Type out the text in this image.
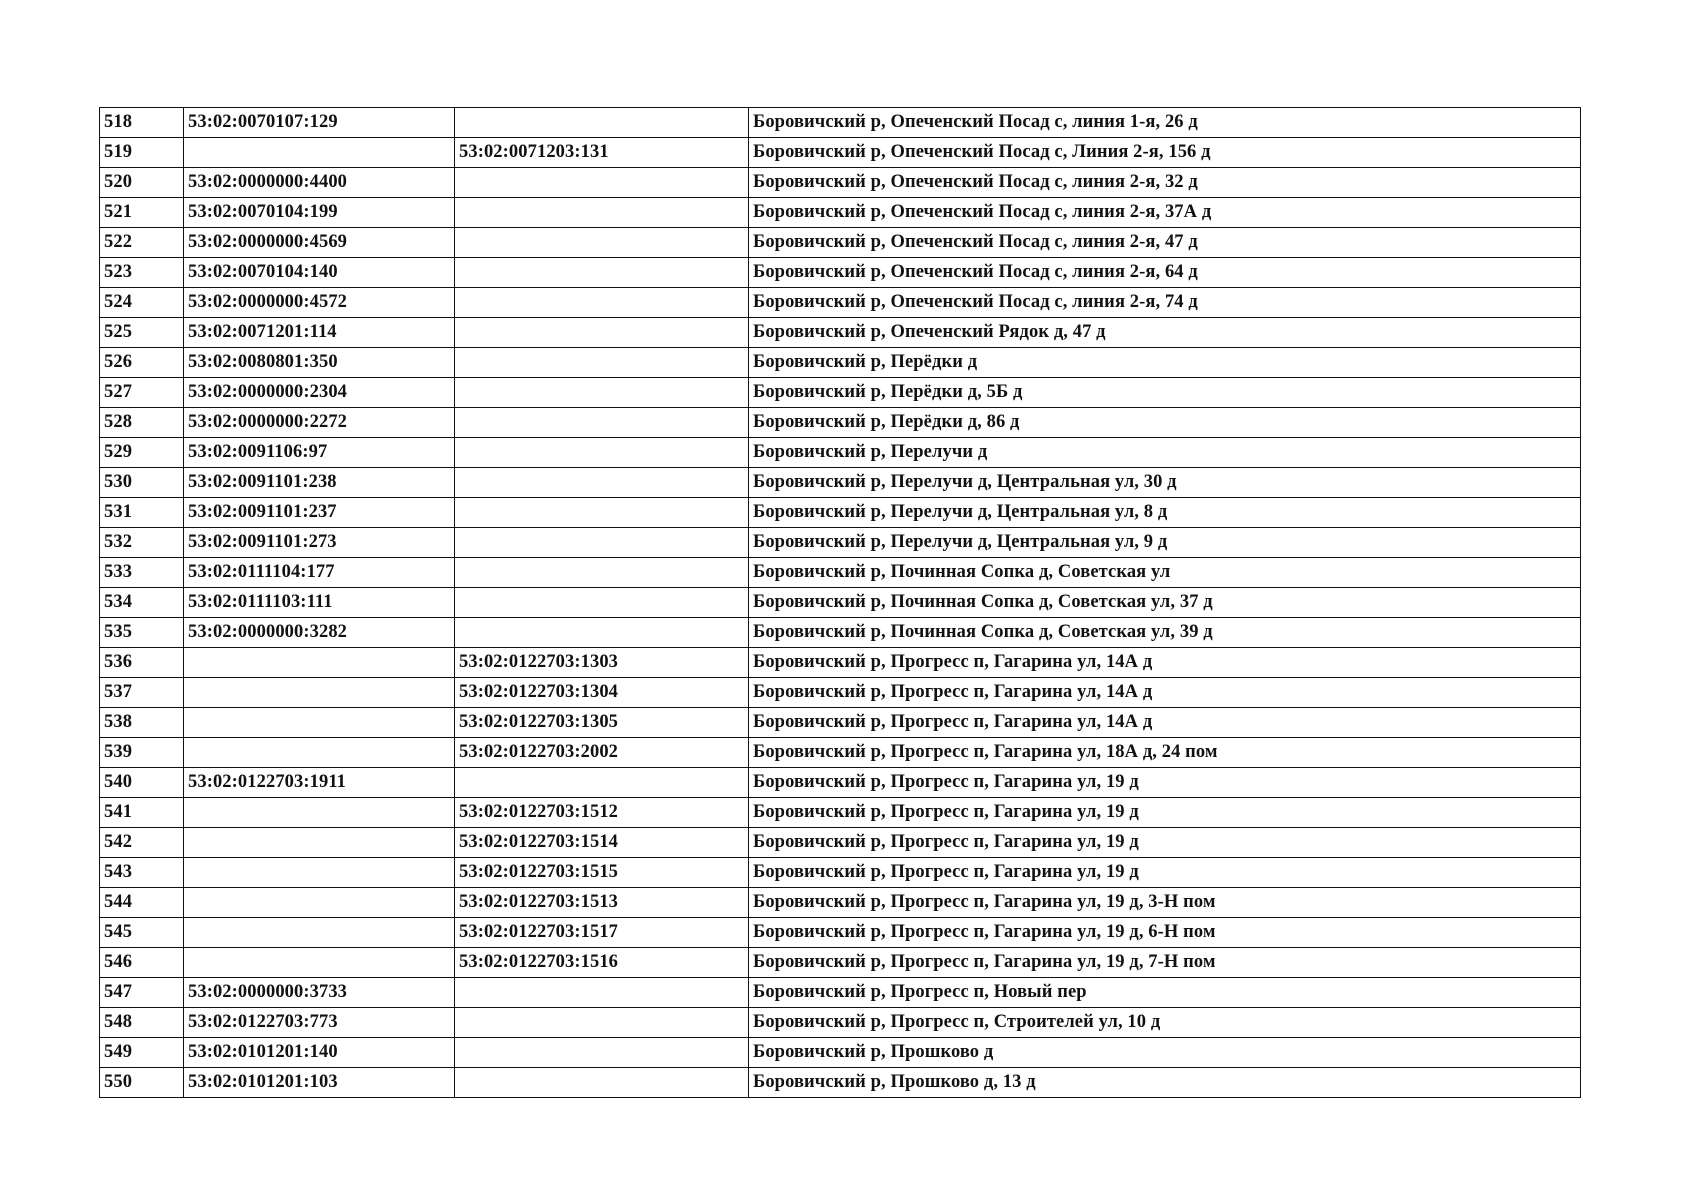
518	53:02:0070107:129		Боровичский р, Опеченский Посад с, линия 1-я, 26 д
519		53:02:0071203:131	Боровичский р, Опеченский Посад с, Линия 2-я, 156 д
520	53:02:0000000:4400		Боровичский р, Опеченский Посад с, линия 2-я, 32 д
521	53:02:0070104:199		Боровичский р, Опеченский Посад с, линия 2-я, 37А д
522	53:02:0000000:4569		Боровичский р, Опеченский Посад с, линия 2-я, 47 д
523	53:02:0070104:140		Боровичский р, Опеченский Посад с, линия 2-я, 64 д
524	53:02:0000000:4572		Боровичский р, Опеченский Посад с, линия 2-я, 74 д
525	53:02:0071201:114		Боровичский р, Опеченский Рядок д, 47 д
526	53:02:0080801:350		Боровичский р, Перёдки д
527	53:02:0000000:2304		Боровичский р, Перёдки д, 5Б д
528	53:02:0000000:2272		Боровичский р, Перёдки д, 86 д
529	53:02:0091106:97		Боровичский р, Перелучи д
530	53:02:0091101:238		Боровичский р, Перелучи д, Центральная ул, 30 д
531	53:02:0091101:237		Боровичский р, Перелучи д, Центральная ул, 8 д
532	53:02:0091101:273		Боровичский р, Перелучи д, Центральная ул, 9 д
533	53:02:0111104:177		Боровичский р, Починная Сопка д, Советская ул
534	53:02:0111103:111		Боровичский р, Починная Сопка д, Советская ул, 37 д
535	53:02:0000000:3282		Боровичский р, Починная Сопка д, Советская ул, 39 д
536		53:02:0122703:1303	Боровичский р, Прогресс п, Гагарина ул, 14А д
537		53:02:0122703:1304	Боровичский р, Прогресс п, Гагарина ул, 14А д
538		53:02:0122703:1305	Боровичский р, Прогресс п, Гагарина ул, 14А д
539		53:02:0122703:2002	Боровичский р, Прогресс п, Гагарина ул, 18А д, 24 пом
540	53:02:0122703:1911		Боровичский р, Прогресс п, Гагарина ул, 19 д
541		53:02:0122703:1512	Боровичский р, Прогресс п, Гагарина ул, 19 д
542		53:02:0122703:1514	Боровичский р, Прогресс п, Гагарина ул, 19 д
543		53:02:0122703:1515	Боровичский р, Прогресс п, Гагарина ул, 19 д
544		53:02:0122703:1513	Боровичский р, Прогресс п, Гагарина ул, 19 д, 3-Н пом
545		53:02:0122703:1517	Боровичский р, Прогресс п, Гагарина ул, 19 д, 6-Н пом
546		53:02:0122703:1516	Боровичский р, Прогресс п, Гагарина ул, 19 д, 7-Н пом
547	53:02:0000000:3733		Боровичский р, Прогресс п, Новый пер
548	53:02:0122703:773		Боровичский р, Прогресс п, Строителей ул, 10 д
549	53:02:0101201:140		Боровичский р, Прошково д
550	53:02:0101201:103		Боровичский р, Прошково д, 13 д
